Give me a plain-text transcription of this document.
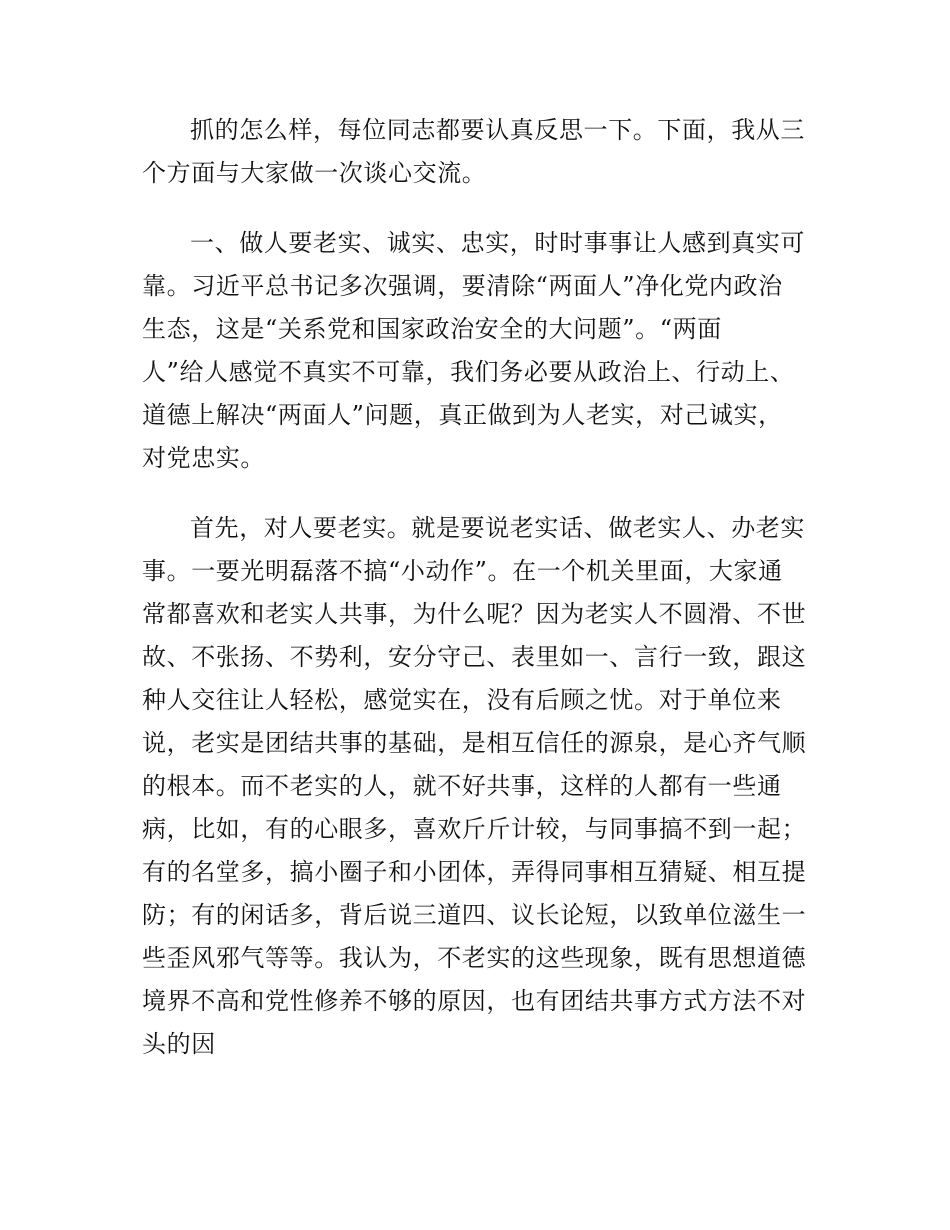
抓的怎么样，每位同志都要认真反思一下。下面，我从三
个方面与大家做一次谈心交流。
一、做人要老实、诚实、忠实，时时事事让人感到真实可
靠。习近平总书记多次强调，要清除“两面人”净化党内政治
生态，这是“关系党和国家政治安全的大问题”。“两面
人”给人感觉不真实不可靠，我们务必要从政治上、行动上、
道德上解决“两面人”问题，真正做到为人老实，对己诚实，
对党忠实。
首先，对人要老实。就是要说老实话、做老实人、办老实
事。一要光明磊落不搞“小动作”。在一个机关里面，大家通
常都喜欢和老实人共事，为什么呢？因为老实人不圆滑、不世
故、不张扬、不势利，安分守己、表里如一、言行一致，跟这
种人交往让人轻松，感觉实在，没有后顾之忧。对于单位来
说，老实是团结共事的基础，是相互信任的源泉，是心齐气顺
的根本。而不老实的人，就不好共事，这样的人都有一些通
病，比如，有的心眼多，喜欢斤斤计较，与同事搞不到一起；
有的名堂多，搞小圈子和小团体，弄得同事相互猜疑、相互提
防；有的闲话多，背后说三道四、议长论短，以致单位滋生一
些歪风邪气等等。我认为，不老实的这些现象，既有思想道德
境界不高和党性修养不够的原因，也有团结共事方式方法不对
头的因
